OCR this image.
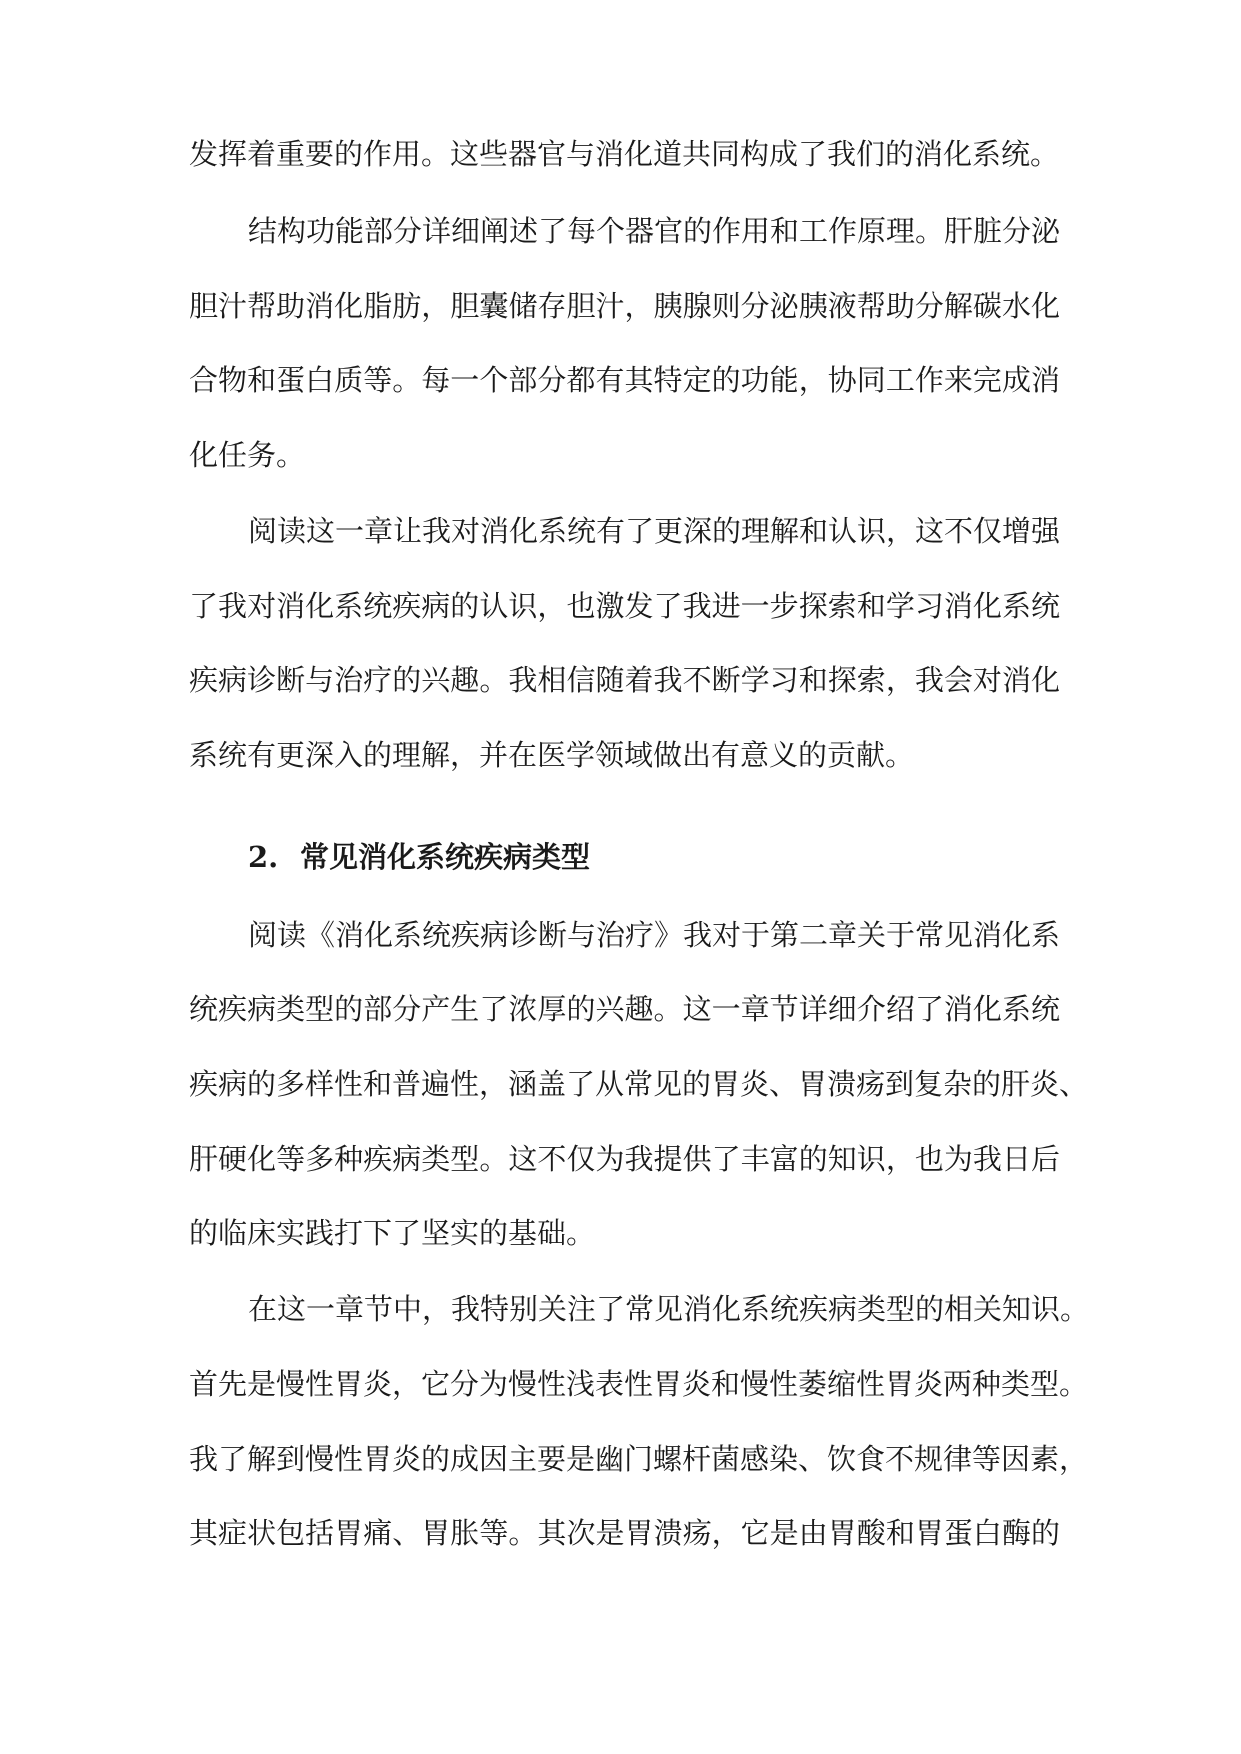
发挥着重要的作用。这些器官与消化道共同构成了我们的消化系统。
结构功能部分详细阐述了每个器官的作用和工作原理。肝脏分泌
胆汁帮助消化脂肪，胆囊储存胆汁，胰腺则分泌胰液帮助分解碳水化
合物和蛋白质等。每一个部分都有其特定的功能，协同工作来完成消
化任务。
阅读这一章让我对消化系统有了更深的理解和认识，这不仅增强
了我对消化系统疾病的认识，也激发了我进一步探索和学习消化系统
疾病诊断与治疗的兴趣。我相信随着我不断学习和探索，我会对消化
系统有更深入的理解，并在医学领域做出有意义的贡献。
2. 常见消化系统疾病类型
阅读《消化系统疾病诊断与治疗》我对于第二章关于常见消化系
统疾病类型的部分产生了浓厚的兴趣。这一章节详细介绍了消化系统
疾病的多样性和普遍性，涵盖了从常见的胃炎、胃溃疡到复杂的肝炎、
肝硬化等多种疾病类型。这不仅为我提供了丰富的知识，也为我日后
的临床实践打下了坚实的基础。
在这一章节中，我特别关注了常见消化系统疾病类型的相关知识。
首先是慢性胃炎，它分为慢性浅表性胃炎和慢性萎缩性胃炎两种类型。
我了解到慢性胃炎的成因主要是幽门螺杆菌感染、饮食不规律等因素，
其症状包括胃痛、胃胀等。其次是胃溃疡，它是由胃酸和胃蛋白酶的
